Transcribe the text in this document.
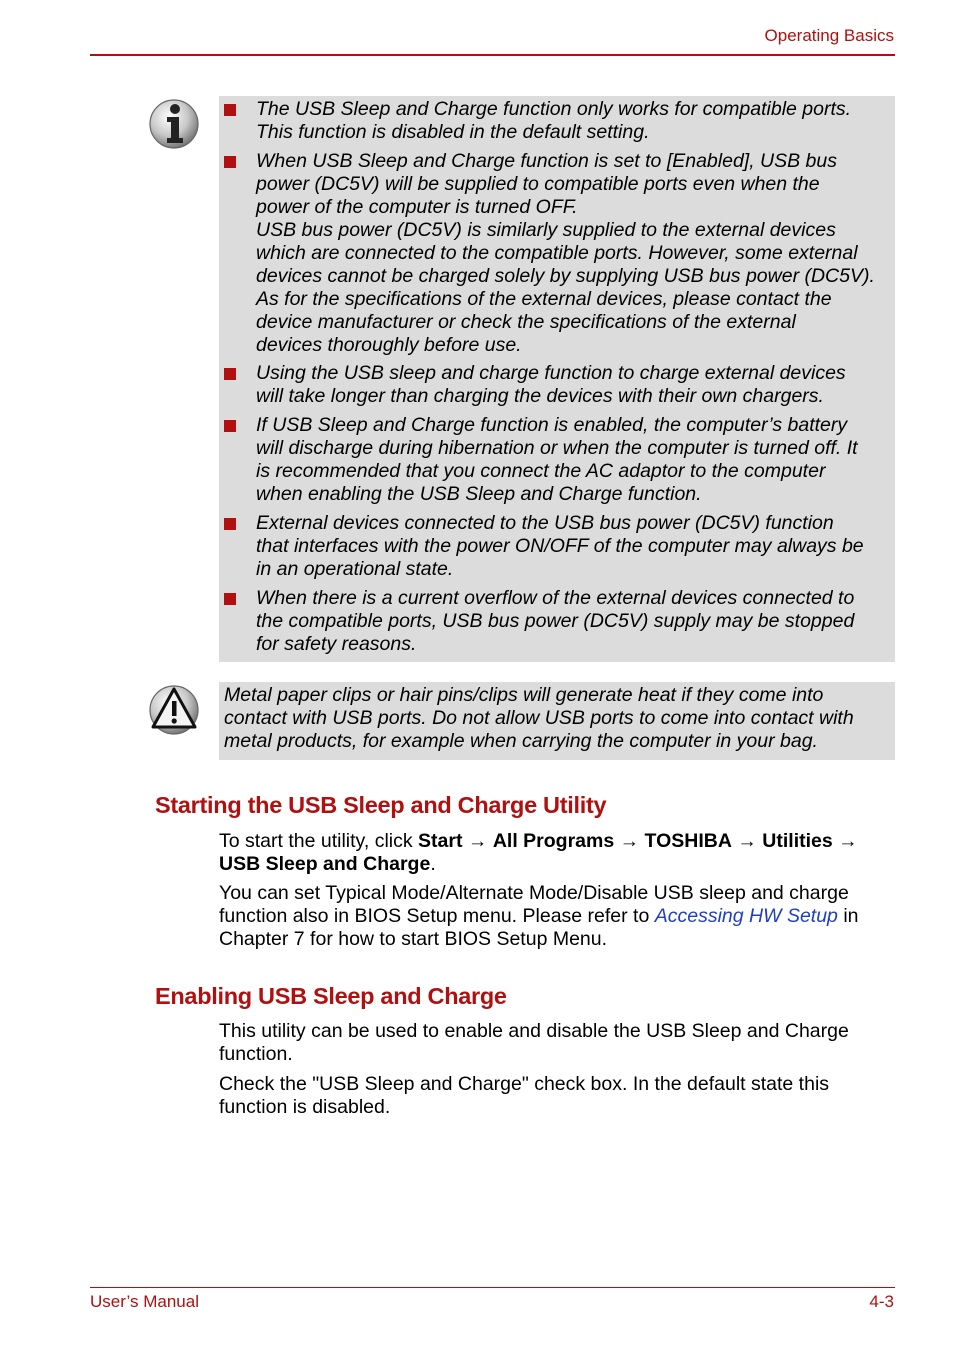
Operating Basics
The USB Sleep and Charge function only works for compatible ports.
This function is disabled in the default setting.
When USB Sleep and Charge function is set to [Enabled], USB bus
power (DC5V) will be supplied to compatible ports even when the
power of the computer is turned OFF.
USB bus power (DC5V) is similarly supplied to the external devices
which are connected to the compatible ports. However, some external
devices cannot be charged solely by supplying USB bus power (DC5V).
As for the specifications of the external devices, please contact the
device manufacturer or check the specifications of the external
devices thoroughly before use.
Using the USB sleep and charge function to charge external devices
will take longer than charging the devices with their own chargers.
If USB Sleep and Charge function is enabled, the computer’s battery
will discharge during hibernation or when the computer is turned off. It
is recommended that you connect the AC adaptor to the computer
when enabling the USB Sleep and Charge function.
External devices connected to the USB bus power (DC5V) function
that interfaces with the power ON/OFF of the computer may always be
in an operational state.
When there is a current overflow of the external devices connected to
the compatible ports, USB bus power (DC5V) supply may be stopped
for safety reasons.
Metal paper clips or hair pins/clips will generate heat if they come into
contact with USB ports. Do not allow USB ports to come into contact with
metal products, for example when carrying the computer in your bag.
Starting the USB Sleep and Charge Utility
To start the utility, click Start → All Programs → TOSHIBA → Utilities →
USB Sleep and Charge.
You can set Typical Mode/Alternate Mode/Disable USB sleep and charge
function also in BIOS Setup menu. Please refer to Accessing HW Setup in
Chapter 7 for how to start BIOS Setup Menu.
Enabling USB Sleep and Charge
This utility can be used to enable and disable the USB Sleep and Charge
function.
Check the "USB Sleep and Charge" check box. In the default state this
function is disabled.
User’s Manual	4-3
